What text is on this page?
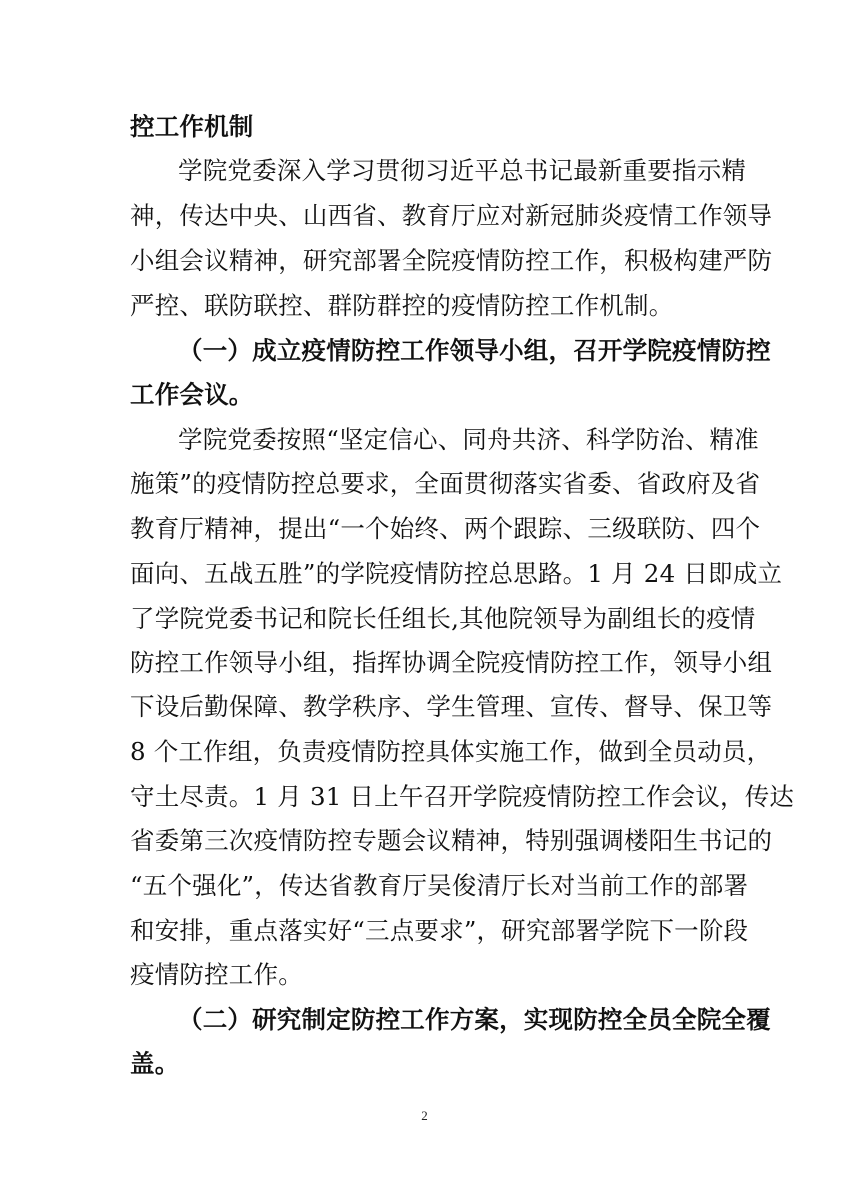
控工作机制
学院党委深入学习贯彻习近平总书记最新重要指示精
神，传达中央、山西省、教育厅应对新冠肺炎疫情工作领导
小组会议精神，研究部署全院疫情防控工作，积极构建严防
严控、联防联控、群防群控的疫情防控工作机制。
（一）成立疫情防控工作领导小组，召开学院疫情防控
工作会议。
学院党委按照“坚定信心、同舟共济、科学防治、精准
施策”的疫情防控总要求，全面贯彻落实省委、省政府及省
教育厅精神，提出“一个始终、两个跟踪、三级联防、四个
面向、五战五胜”的学院疫情防控总思路。1 月 24 日即成立
了学院党委书记和院长任组长,其他院领导为副组长的疫情
防控工作领导小组，指挥协调全院疫情防控工作，领导小组
下设后勤保障、教学秩序、学生管理、宣传、督导、保卫等
8 个工作组，负责疫情防控具体实施工作，做到全员动员，
守土尽责。1 月 31 日上午召开学院疫情防控工作会议，传达
省委第三次疫情防控专题会议精神，特别强调楼阳生书记的
“五个强化”，传达省教育厅吴俊清厅长对当前工作的部署
和安排，重点落实好“三点要求”，研究部署学院下一阶段
疫情防控工作。
（二）研究制定防控工作方案，实现防控全员全院全覆
盖。
2
